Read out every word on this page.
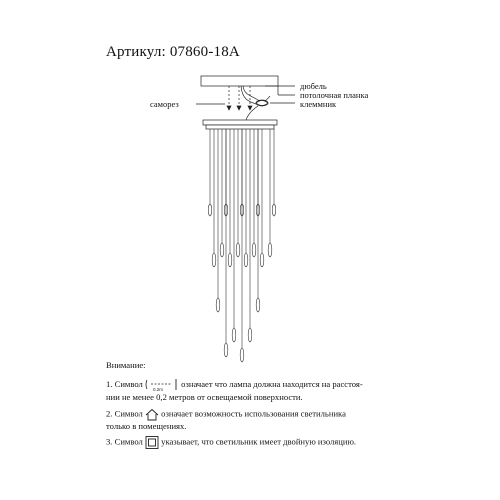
Артикул: 07860-18A
дюбель
потолочная планка
клеммник
саморез
Внимание:
1. Символ
0.2m
означает что лампа должна находится на расстоя-
нии не менее 0,2 метров от освещаемой поверхности.
2. Символ означает возможность использования светильника
только в помещениях.
3. Символ указывает, что светильник имеет двойную изоляцию.
